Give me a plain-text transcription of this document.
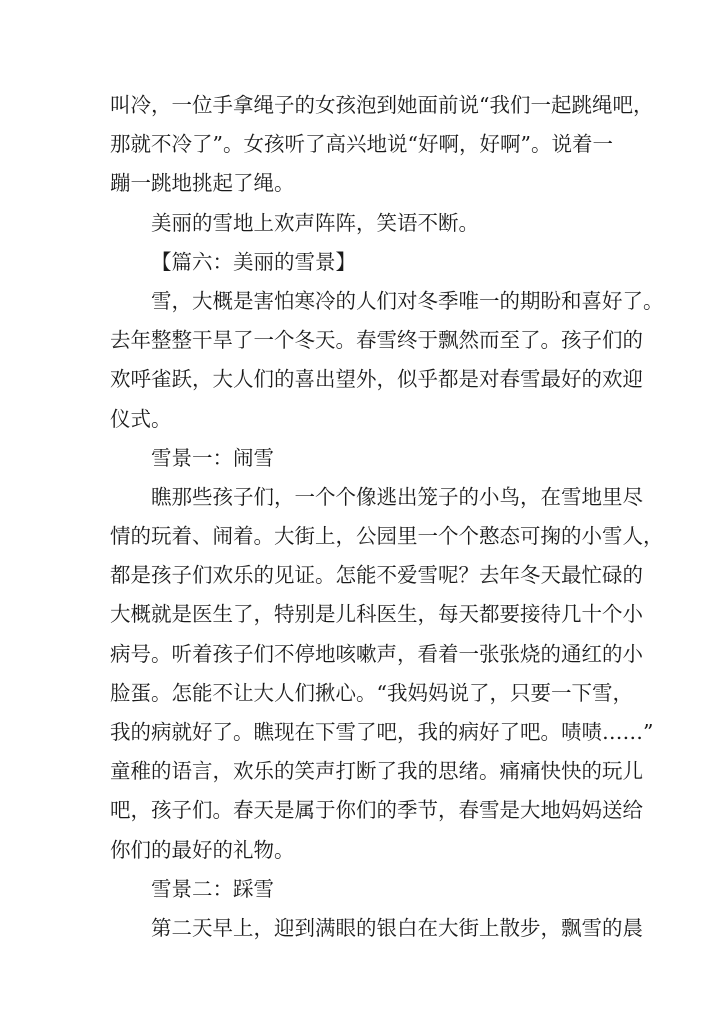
叫冷，一位手拿绳子的女孩泡到她面前说“我们一起跳绳吧，
那就不冷了”。女孩听了高兴地说“好啊，好啊”。说着一
蹦一跳地挑起了绳。
美丽的雪地上欢声阵阵，笑语不断。
【篇六：美丽的雪景】
雪，大概是害怕寒冷的人们对冬季唯一的期盼和喜好了。
去年整整干旱了一个冬天。春雪终于飘然而至了。孩子们的
欢呼雀跃，大人们的喜出望外，似乎都是对春雪最好的欢迎
仪式。
雪景一：闹雪
瞧那些孩子们，一个个像逃出笼子的小鸟，在雪地里尽
情的玩着、闹着。大街上，公园里一个个憨态可掬的小雪人，
都是孩子们欢乐的见证。怎能不爱雪呢？去年冬天最忙碌的
大概就是医生了，特别是儿科医生，每天都要接待几十个小
病号。听着孩子们不停地咳嗽声，看着一张张烧的通红的小
脸蛋。怎能不让大人们揪心。“我妈妈说了，只要一下雪，
我的病就好了。瞧现在下雪了吧，我的病好了吧。啧啧……”
童稚的语言，欢乐的笑声打断了我的思绪。痛痛快快的玩儿
吧，孩子们。春天是属于你们的季节，春雪是大地妈妈送给
你们的最好的礼物。
雪景二：踩雪
第二天早上，迎到满眼的银白在大街上散步，飘雪的晨
